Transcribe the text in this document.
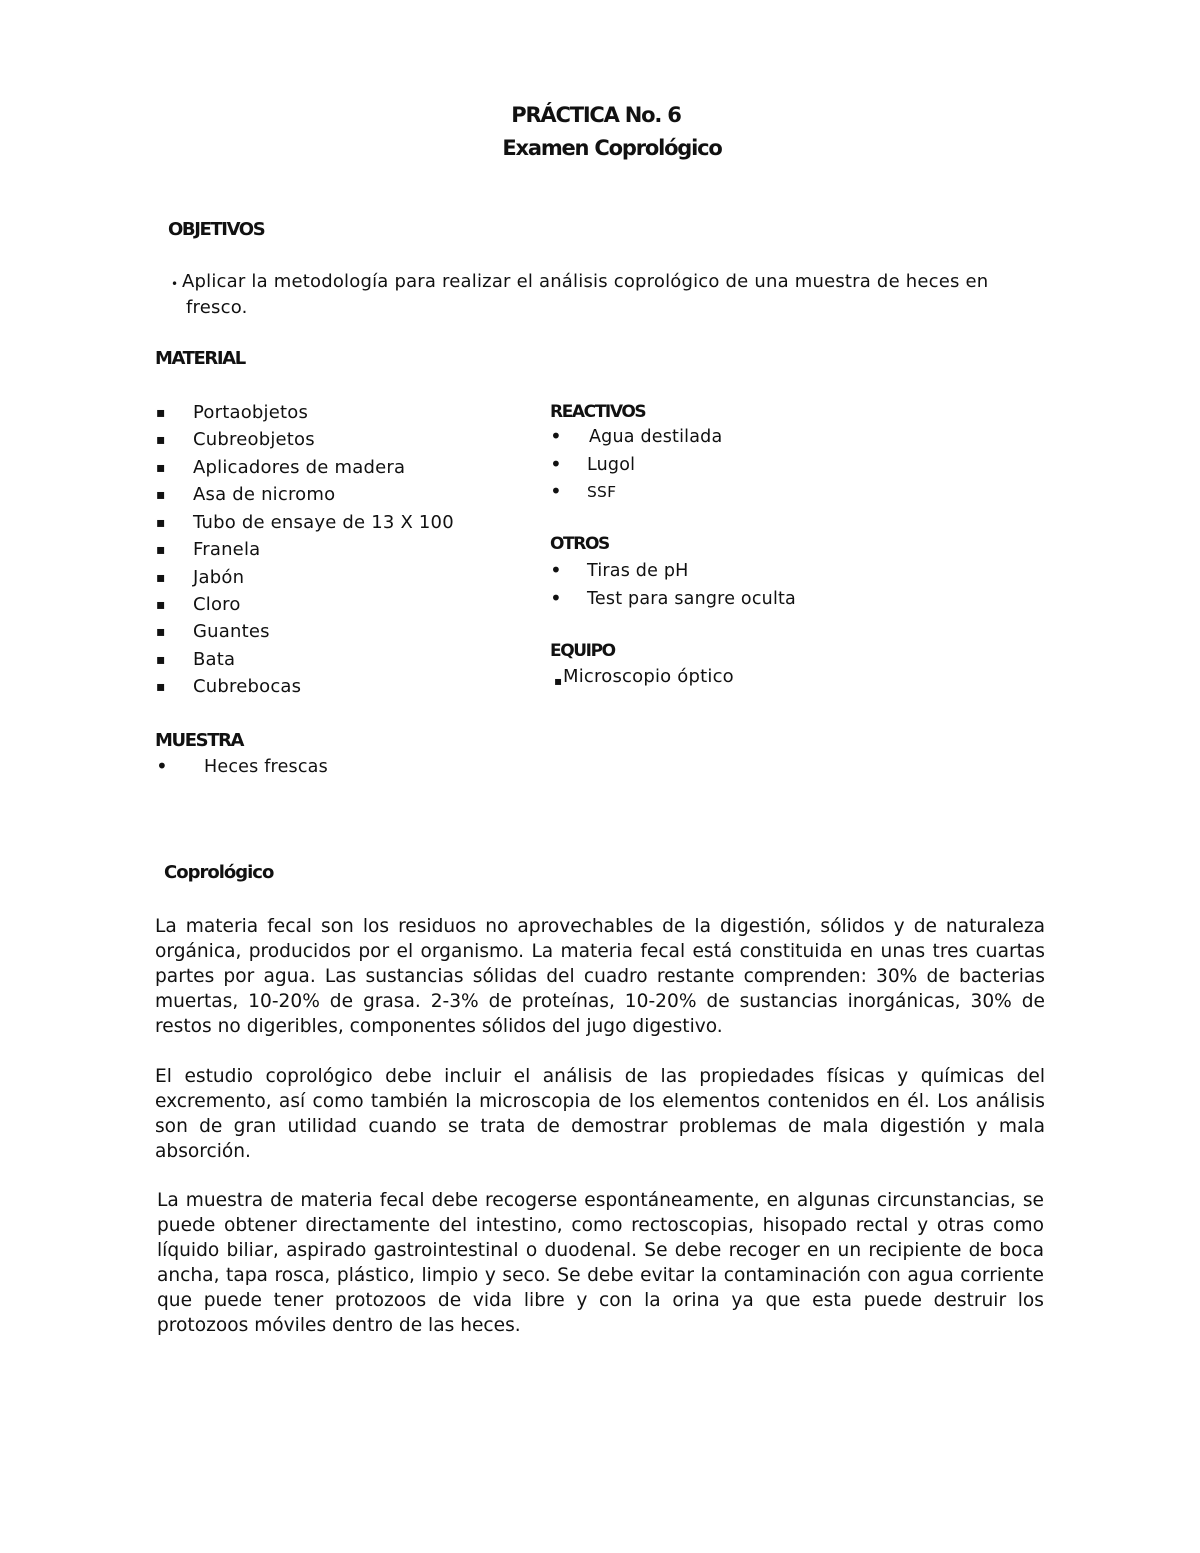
PRÁCTICA No. 6
Examen Coprológico
OBJETIVOS
• Aplicar la metodología para realizar el análisis coprológico de una muestra de heces en
fresco.
MATERIAL
▪ Portaobjetos
▪ Cubreobjetos
▪ Aplicadores de madera
▪ Asa de nicromo
▪ Tubo de ensaye de 13 X 100
▪ Franela
▪ Jabón
▪ Cloro
▪ Guantes
▪ Bata
▪ Cubrebocas
REACTIVOS
• Agua destilada
• Lugol
• SSF
OTROS
• Tiras de pH
• Test para sangre oculta
EQUIPO
▪ Microscopio óptico
MUESTRA
• Heces frescas
Coprológico

La materia fecal son los residuos no aprovechables de la digestión, sólidos y de naturaleza orgánica, producidos por el organismo. La materia fecal está constituida en unas tres cuartas partes por agua. Las sustancias sólidas del cuadro restante comprenden: 30% de bacterias muertas, 10-20% de grasa. 2-3% de proteínas, 10-20% de sustancias inorgánicas, 30% de restos no digeribles, componentes sólidos del jugo digestivo.

El estudio coprológico debe incluir el análisis de las propiedades físicas y químicas del excremento, así como también la microscopia de los elementos contenidos en él. Los análisis son de gran utilidad cuando se trata de demostrar problemas de mala digestión y mala absorción.

La muestra de materia fecal debe recogerse espontáneamente, en algunas circunstancias, se puede obtener directamente del intestino, como rectoscopias, hisopado rectal y otras como líquido biliar, aspirado gastrointestinal o duodenal. Se debe recoger en un recipiente de boca ancha, tapa rosca, plástico, limpio y seco. Se debe evitar la contaminación con agua corriente que puede tener protozoos de vida libre y con la orina ya que esta puede destruir los protozoos móviles dentro de las heces.
